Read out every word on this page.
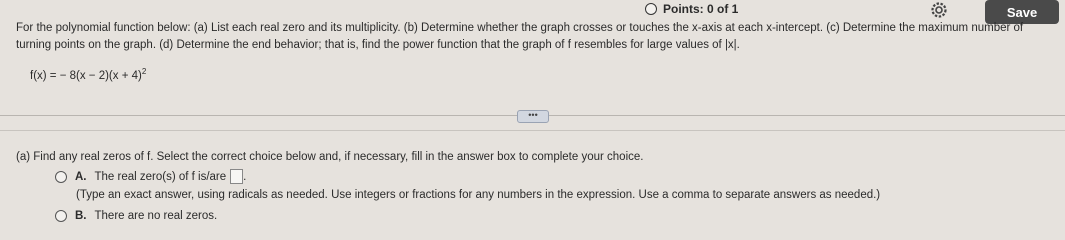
Points: 0 of 1	Save
For the polynomial function below: (a) List each real zero and its multiplicity. (b) Determine whether the graph crosses or touches the x-axis at each x-intercept. (c) Determine the maximum number of turning points on the graph. (d) Determine the end behavior; that is, find the power function that the graph of f resembles for large values of |x|.
f(x) = − $8(x - 2)(x + 4)^2$
•••
(a) Find any real zeros of f. Select the correct choice below and, if necessary, fill in the answer box to complete your choice.
A. The real zero(s) of f is/are .
(Type an exact answer, using radicals as needed. Use integers or fractions for any numbers in the expression. Use a comma to separate answers as needed.)
B. There are no real zeros.
